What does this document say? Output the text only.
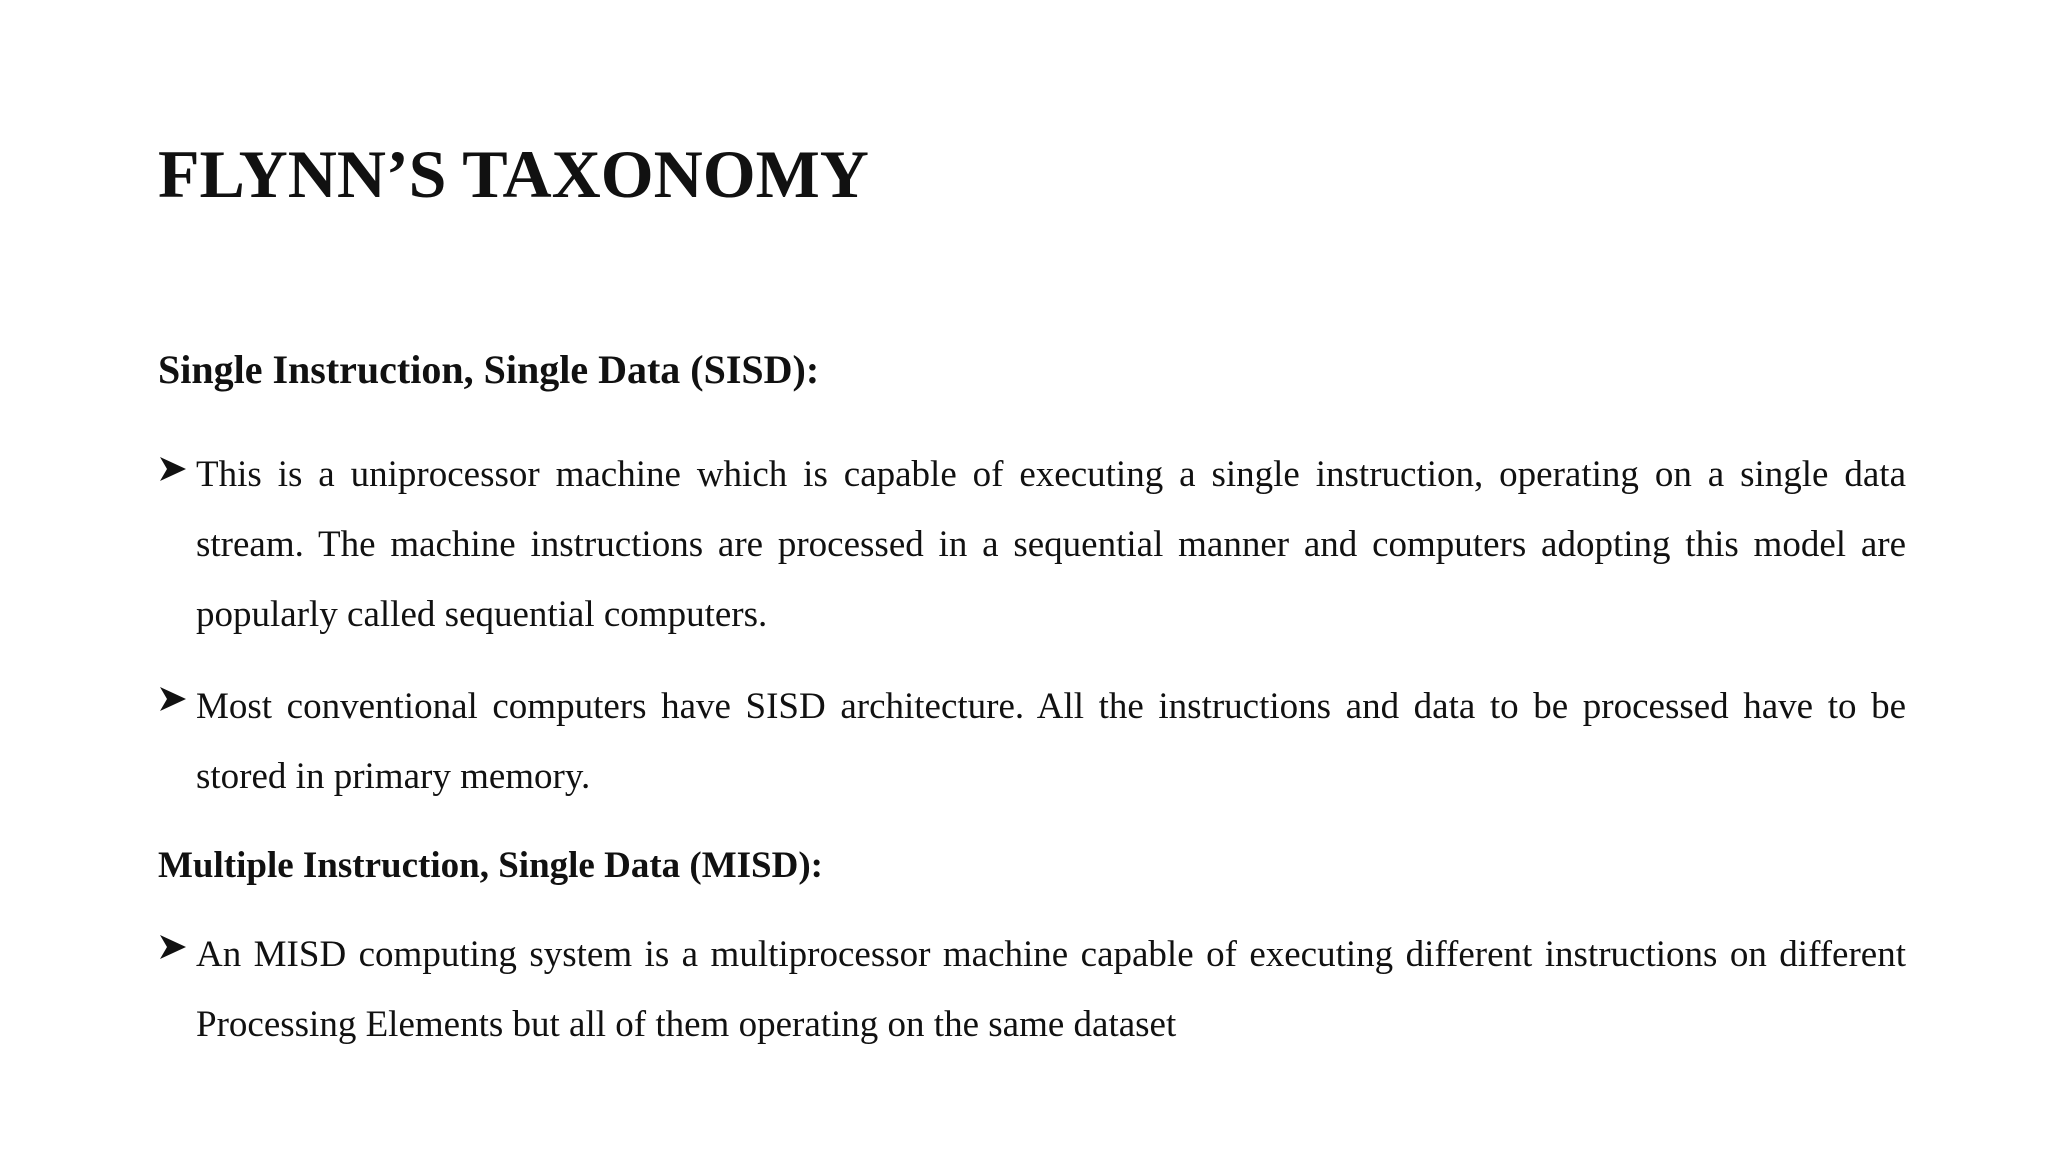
FLYNN’S TAXONOMY
Single Instruction, Single Data (SISD):

This is a uniprocessor machine which is capable of executing a single instruction, operating on a single data stream. The machine instructions are processed in a sequential manner and computers adopting this model are popularly called sequential computers.

Most conventional computers have SISD architecture. All the instructions and data to be processed have to be stored in primary memory.

Multiple Instruction, Single Data (MISD):

An MISD computing system is a multiprocessor machine capable of executing different instructions on different Processing Elements but all of them operating on the same dataset
